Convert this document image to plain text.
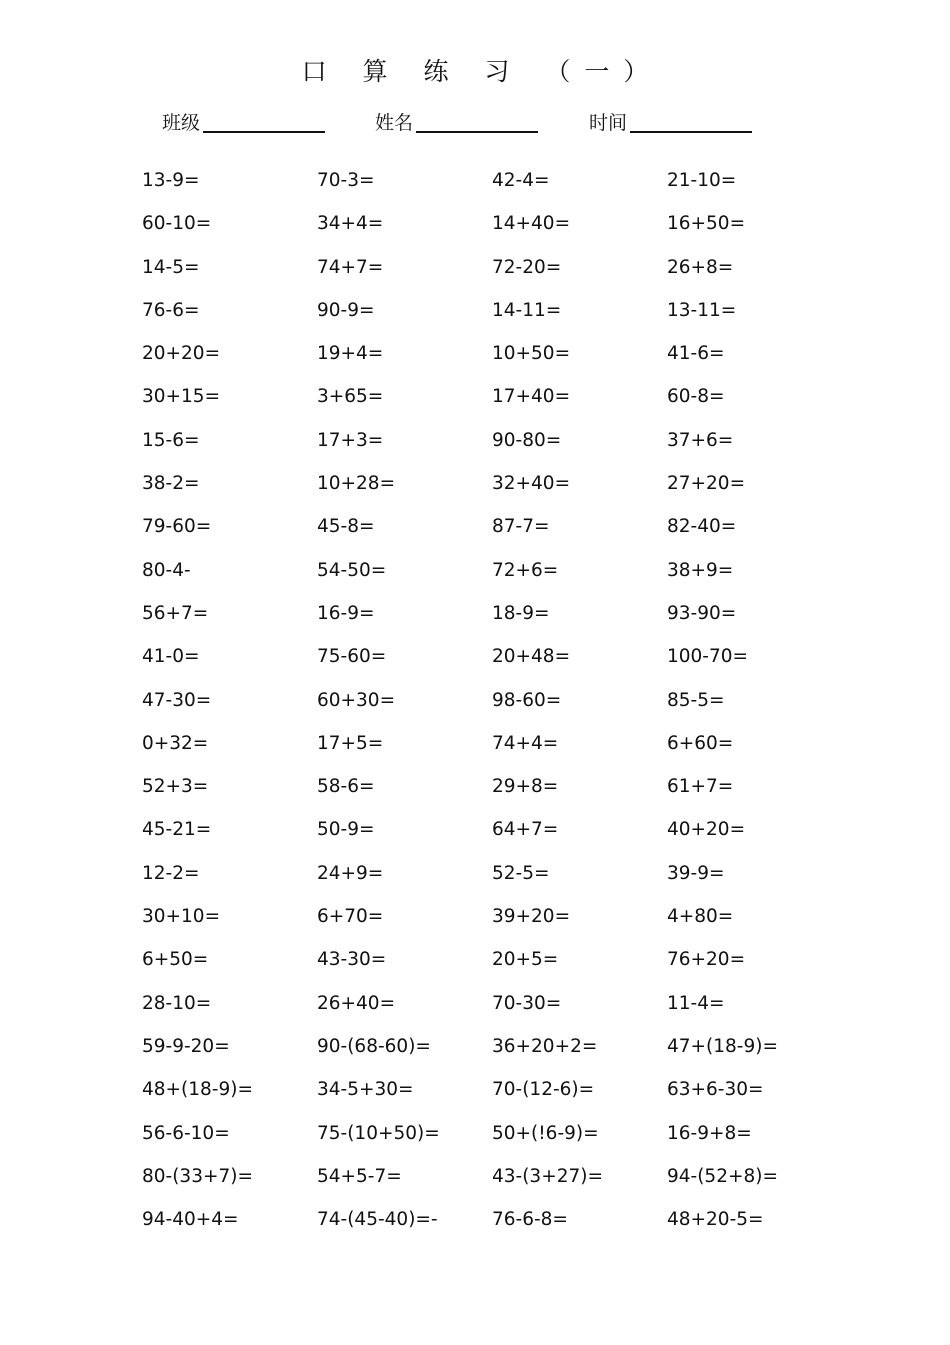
口 算 练 习 （一）
班级	姓名	时间
13-9=	70-3=	42-4=	21-10=
60-10=	34+4=	14+40=	16+50=
14-5=	74+7=	72-20=	26+8=
76-6=	90-9=	14-11=	13-11=
20+20=	19+4=	10+50=	41-6=
30+15=	3+65=	17+40=	60-8=
15-6=	17+3=	90-80=	37+6=
38-2=	10+28=	32+40=	27+20=
79-60=	45-8=	87-7=	82-40=
80-4-	54-50=	72+6=	38+9=
56+7=	16-9=	18-9=	93-90=
41-0=	75-60=	20+48=	100-70=
47-30=	60+30=	98-60=	85-5=
0+32=	17+5=	74+4=	6+60=
52+3=	58-6=	29+8=	61+7=
45-21=	50-9=	64+7=	40+20=
12-2=	24+9=	52-5=	39-9=
30+10=	6+70=	39+20=	4+80=
6+50=	43-30=	20+5=	76+20=
28-10=	26+40=	70-30=	11-4=
59-9-20=	90-(68-60)=	36+20+2=	47+(18-9)=
48+(18-9)=	34-5+30=	70-(12-6)=	63+6-30=
56-6-10=	75-(10+50)=	50+(!6-9)=	16-9+8=
80-(33+7)=	54+5-7=	43-(3+27)=	94-(52+8)=
94-40+4=	74-(45-40)=-	76-6-8=	48+20-5=
